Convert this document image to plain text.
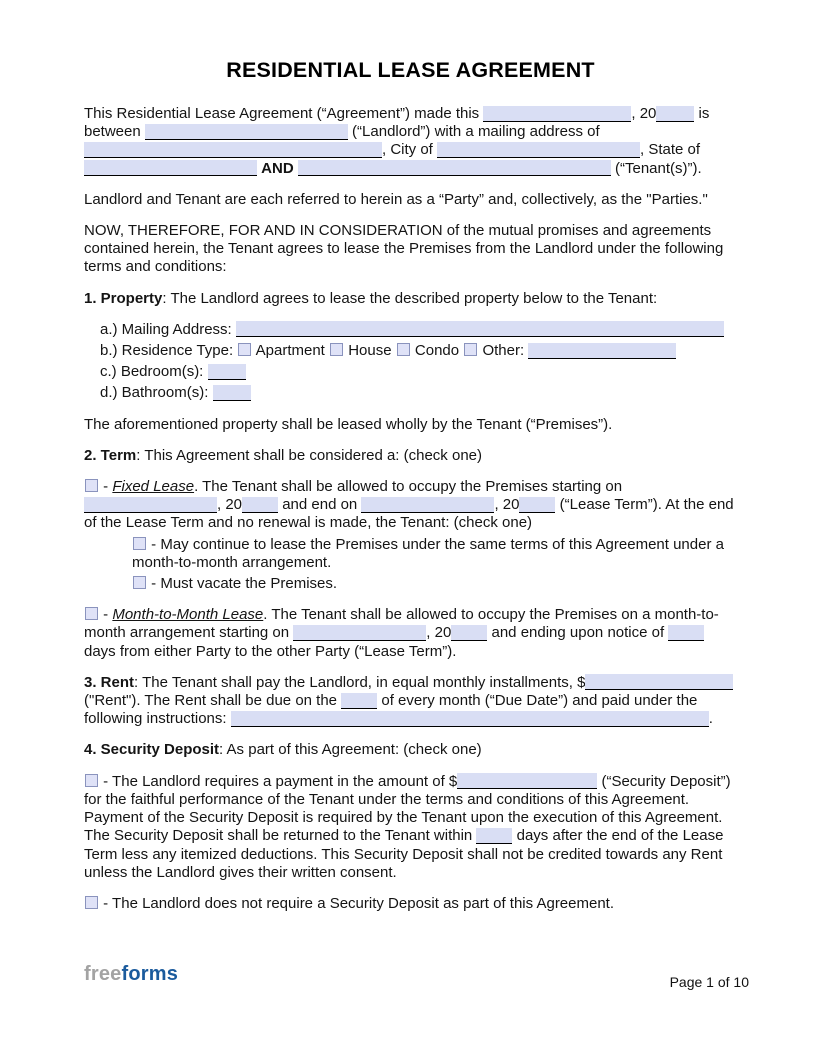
RESIDENTIAL LEASE AGREEMENT
This Residential Lease Agreement (“Agreement”) made this	, 20	is between	(“Landlord”) with a mailing address of , City of	, State of  AND	(“Tenant(s)”).
Landlord and Tenant are each referred to herein as a “Party” and, collectively, as the "Parties."
NOW, THEREFORE, FOR AND IN CONSIDERATION of the mutual promises and agreements contained herein, the Tenant agrees to lease the Premises from the Landlord under the following terms and conditions:
1. Property: The Landlord agrees to lease the described property below to the Tenant:
a.) Mailing Address:
b.) Residence Type:  Apartment  House  Condo  Other:
c.) Bedroom(s):
d.) Bathroom(s):
The aforementioned property shall be leased wholly by the Tenant (“Premises”).
2. Term: This Agreement shall be considered a: (check one)
- Fixed Lease. The Tenant shall be allowed to occupy the Premises starting on , 20 and end on	, 20 (“Lease Term”). At the end of the Lease Term and no renewal is made, the Tenant: (check one)
- May continue to lease the Premises under the same terms of this Agreement under a month-to-month arrangement.
- Must vacate the Premises.
- Month-to-Month Lease. The Tenant shall be allowed to occupy the Premises on a month-to-month arrangement starting on	, 20 and ending upon notice of  days from either Party to the other Party (“Lease Term”).
3. Rent: The Tenant shall pay the Landlord, in equal monthly installments, $ ("Rent"). The Rent shall be due on the  of every month (“Due Date”) and paid under the following instructions:	.
4. Security Deposit: As part of this Agreement: (check one)
- The Landlord requires a payment in the amount of $	(“Security Deposit”) for the faithful performance of the Tenant under the terms and conditions of this Agreement. Payment of the Security Deposit is required by the Tenant upon the execution of this Agreement. The Security Deposit shall be returned to the Tenant within  days after the end of the Lease Term less any itemized deductions. This Security Deposit shall not be credited towards any Rent unless the Landlord gives their written consent.
- The Landlord does not require a Security Deposit as part of this Agreement.
freeforms	Page 1 of 10
